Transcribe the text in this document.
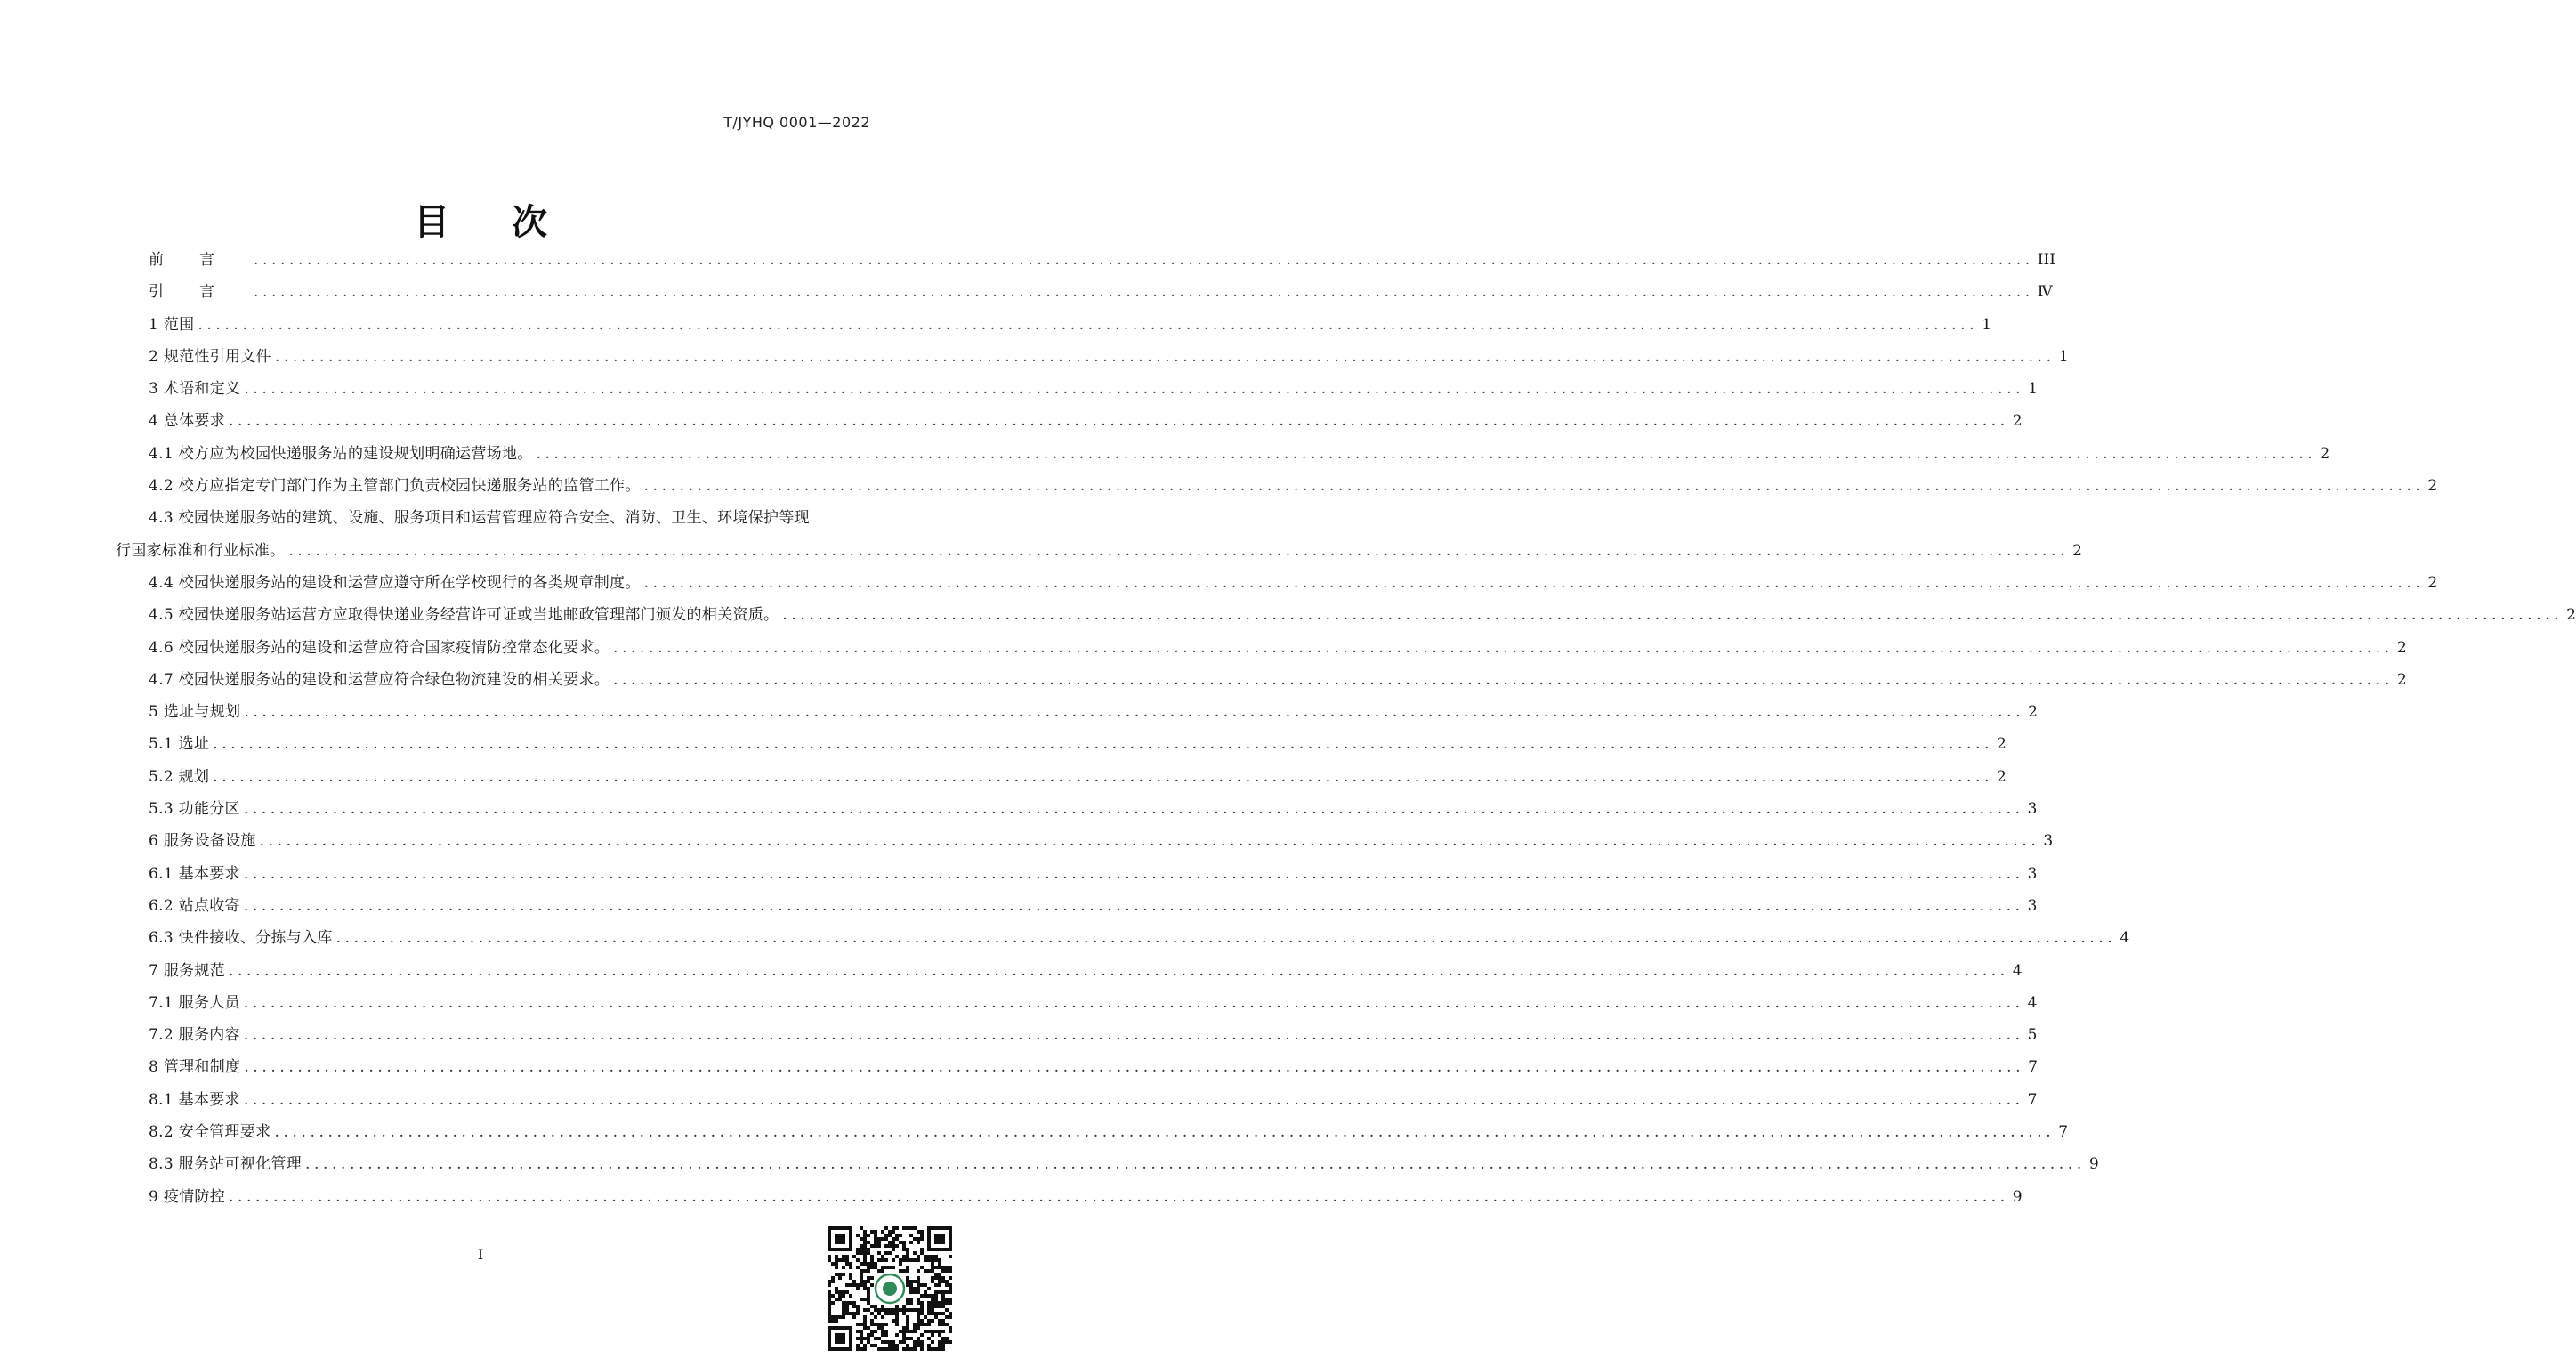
T/JYHQ 0001—2022
目次
前言 ........................................................................................................................................................................................................ III
引言 ........................................................................................................................................................................................................ Ⅳ
1 范围 ........................................................................................................................................................................................................ 1
2 规范性引用文件 ........................................................................................................................................................................................................ 1
3 术语和定义 ........................................................................................................................................................................................................ 1
4 总体要求 ........................................................................................................................................................................................................ 2
4.1 校方应为校园快递服务站的建设规划明确运营场地。 ........................................................................................................................................................................................................ 2
4.2 校方应指定专门部门作为主管部门负责校园快递服务站的监管工作。 ........................................................................................................................................................................................................ 2
4.3 校园快递服务站的建筑、设施、服务项目和运营管理应符合安全、消防、卫生、环境保护等现
行国家标准和行业标准。 ........................................................................................................................................................................................................ 2
4.4 校园快递服务站的建设和运营应遵守所在学校现行的各类规章制度。 ........................................................................................................................................................................................................ 2
4.5 校园快递服务站运营方应取得快递业务经营许可证或当地邮政管理部门颁发的相关资质。 ........................................................................................................................................................................................................ 2
4.6 校园快递服务站的建设和运营应符合国家疫情防控常态化要求。 ........................................................................................................................................................................................................ 2
4.7 校园快递服务站的建设和运营应符合绿色物流建设的相关要求。 ........................................................................................................................................................................................................ 2
5 选址与规划 ........................................................................................................................................................................................................ 2
5.1 选址 ........................................................................................................................................................................................................ 2
5.2 规划 ........................................................................................................................................................................................................ 2
5.3 功能分区 ........................................................................................................................................................................................................ 3
6 服务设备设施 ........................................................................................................................................................................................................ 3
6.1 基本要求 ........................................................................................................................................................................................................ 3
6.2 站点收寄 ........................................................................................................................................................................................................ 3
6.3 快件接收、分拣与入库 ........................................................................................................................................................................................................ 4
7 服务规范 ........................................................................................................................................................................................................ 4
7.1 服务人员 ........................................................................................................................................................................................................ 4
7.2 服务内容 ........................................................................................................................................................................................................ 5
8 管理和制度 ........................................................................................................................................................................................................ 7
8.1 基本要求 ........................................................................................................................................................................................................ 7
8.2 安全管理要求 ........................................................................................................................................................................................................ 7
8.3 服务站可视化管理 ........................................................................................................................................................................................................ 9
9 疫情防控 ........................................................................................................................................................................................................ 9
I
